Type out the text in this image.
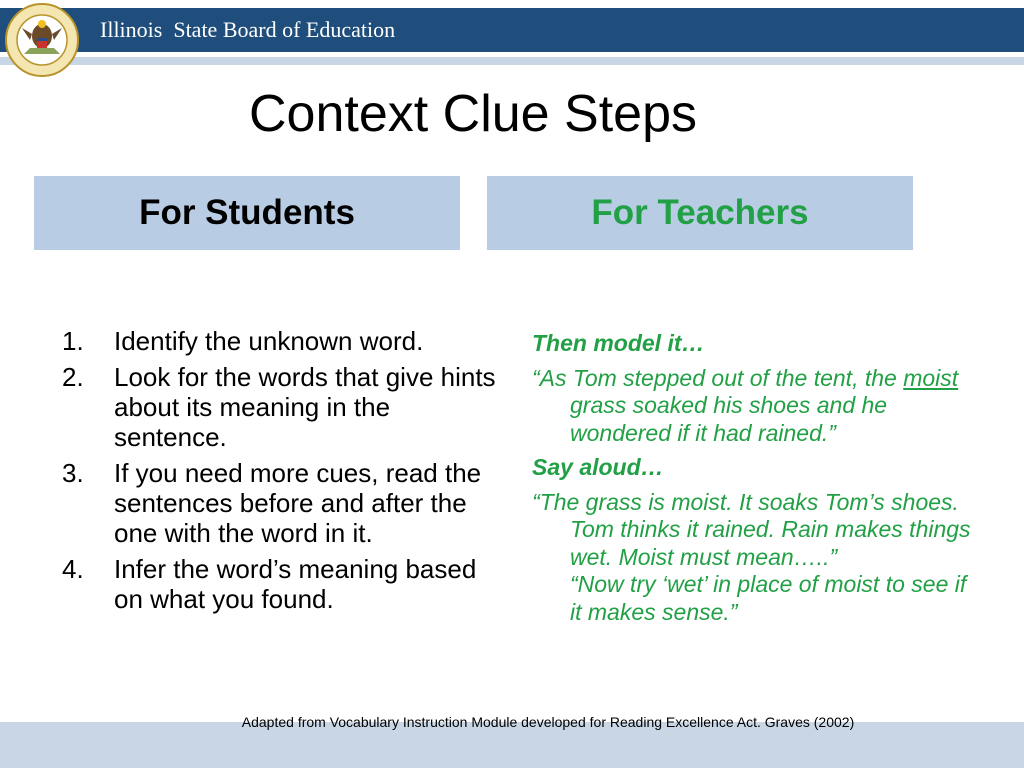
Illinois  State Board of Education
Context Clue Steps
For Students	For Teachers
1. Identify the unknown word.
2. Look for the words that give hints about its meaning in the sentence.
3. If you need more cues, read the sentences before and after the one with the word in it.
4. Infer the word’s meaning based on what you found.

Then model it…

“As Tom stepped out of the tent, the moist grass soaked his shoes and he wondered if it had rained.”

Say aloud…

“The grass is moist. It soaks Tom’s shoes. Tom thinks it rained. Rain makes things wet. Moist must mean…..”
“Now try ‘wet’ in place of moist to see if it makes sense.”

Adapted from Vocabulary Instruction Module developed for Reading Excellence Act. Graves (2002)
